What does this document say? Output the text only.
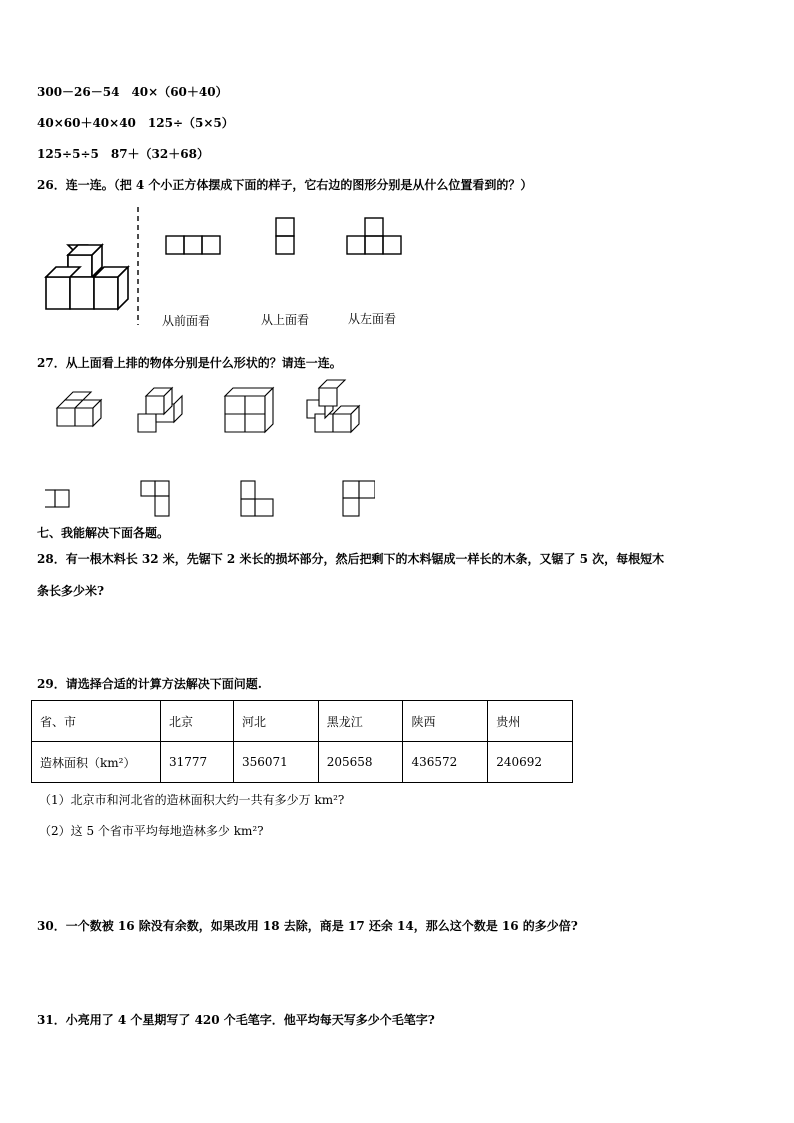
300－26－54　40×（60＋40）
40×60＋40×40　125÷（5×5）
125÷5÷5　87＋（32＋68）
26．连一连。（把 4 个小正方体摆成下面的样子，它右边的图形分别是从什么位置看到的？）
从前面看	从上面看	从左面看
27．从上面看上排的物体分别是什么形状的？请连一连。
七、我能解决下面各题。
28．有一根木料长 32 米，先锯下 2 米长的损坏部分，然后把剩下的木料锯成一样长的木条，又锯了 5 次，每根短木
条长多少米?
29．请选择合适的计算方法解决下面问题.
省、市	北京	河北	黑龙江	陕西	贵州
造林面积（km²）	31777	356071	205658	436572	240692
（1）北京市和河北省的造林面积大约一共有多少万 km²?
（2）这 5 个省市平均每地造林多少 km²?
30．一个数被 16 除没有余数，如果改用 18 去除，商是 17 还余 14，那么这个数是 16 的多少倍?
31．小亮用了 4 个星期写了 420 个毛笔字．他平均每天写多少个毛笔字?
